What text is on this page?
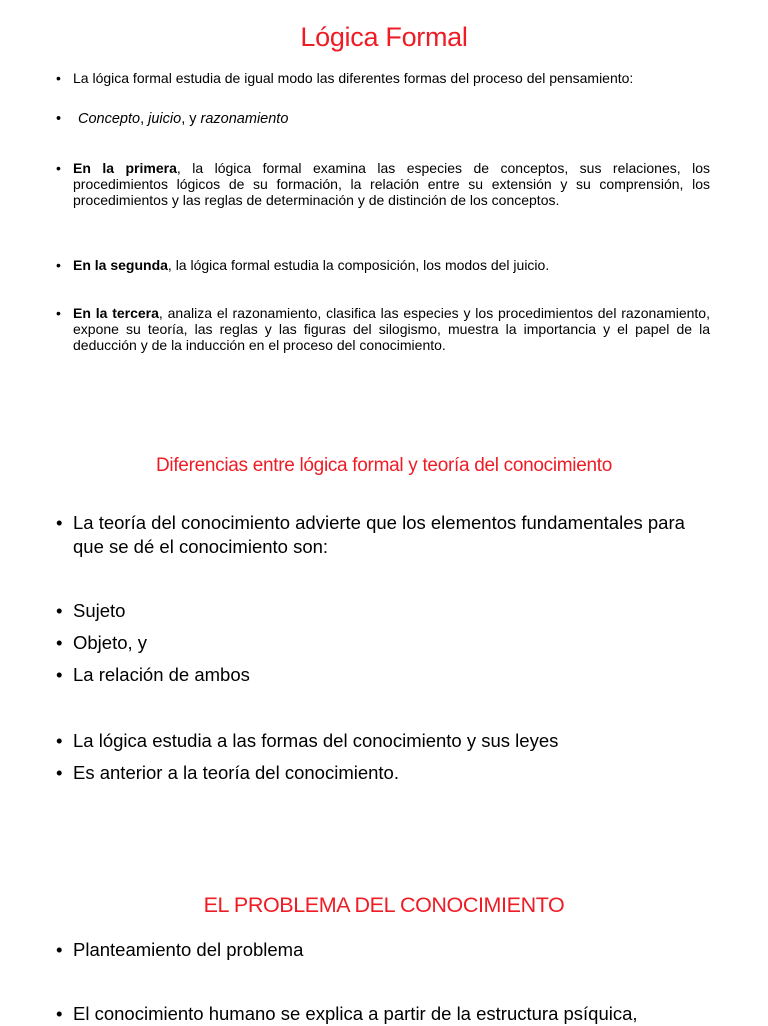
Lógica Formal
• La lógica formal estudia de igual modo las diferentes formas del proceso del pensamiento:
• Concepto, juicio, y razonamiento
• En la primera, la lógica formal examina las especies de conceptos, sus relaciones, los procedimientos lógicos de su formación, la relación entre su extensión y su comprensión, los procedimientos y las reglas de determinación y de distinción de los conceptos.
• En la segunda, la lógica formal estudia la composición, los modos del juicio.
• En la tercera, analiza el razonamiento, clasifica las especies y los procedimientos del razonamiento, expone su teoría, las reglas y las figuras del silogismo, muestra la importancia y el papel de la deducción y de la inducción en el proceso del conocimiento.
Diferencias entre lógica formal y teoría del conocimiento
• La teoría del conocimiento advierte que los elementos fundamentales para que se dé el conocimiento son:
• Sujeto
• Objeto, y
• La relación de ambos
• La lógica estudia a las formas del conocimiento y sus leyes
• Es anterior a la teoría del conocimiento.
EL PROBLEMA DEL CONOCIMIENTO
• Planteamiento del problema
• El conocimiento humano se explica a partir de la estructura psíquica,
